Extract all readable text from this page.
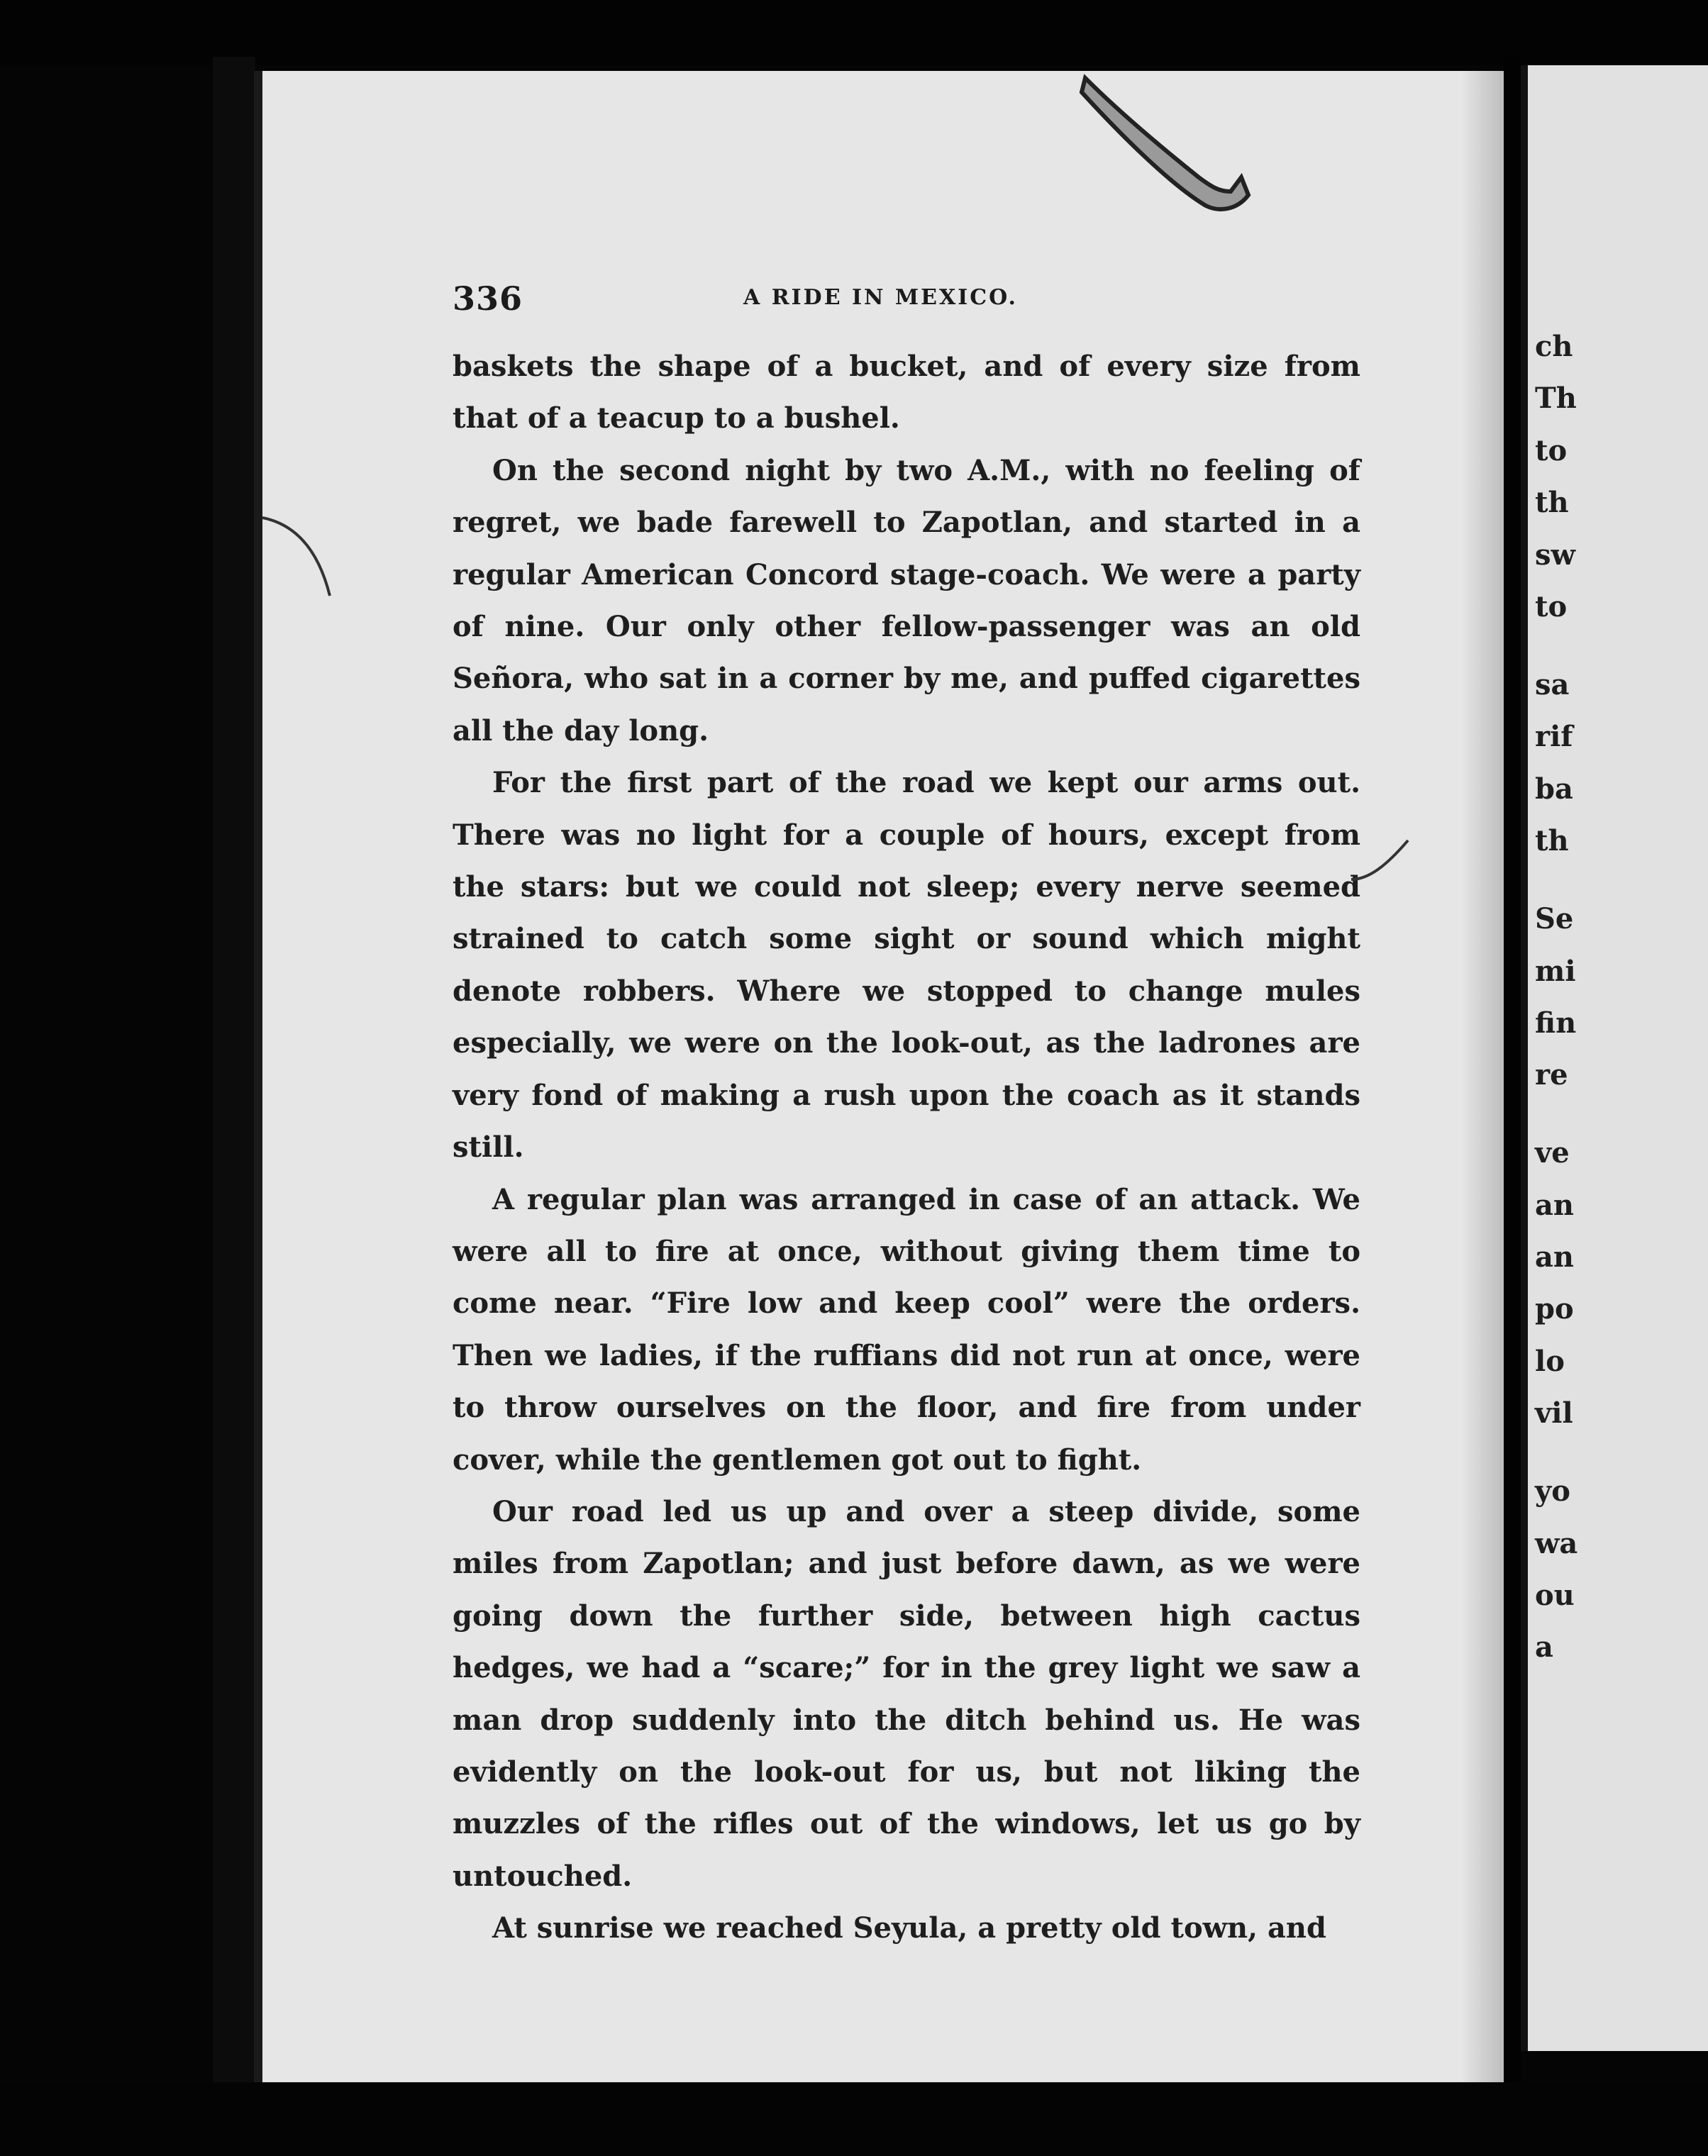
336	A RIDE IN MEXICO.

baskets the shape of a bucket, and of every size from that of a teacup to a bushel.

On the second night by two A.M., with no feeling of regret, we bade farewell to Zapotlan, and started in a regular American Concord stage-coach. We were a party of nine. Our only other fellow-passenger was an old Señora, who sat in a corner by me, and puffed cigarettes all the day long.

For the first part of the road we kept our arms out. There was no light for a couple of hours, except from the stars: but we could not sleep; every nerve seemed strained to catch some sight or sound which might denote robbers. Where we stopped to change mules especially, we were on the look-out, as the ladrones are very fond of making a rush upon the coach as it stands still.

A regular plan was arranged in case of an attack. We were all to fire at once, without giving them time to come near. “Fire low and keep cool” were the orders. Then we ladies, if the ruffians did not run at once, were to throw ourselves on the floor, and fire from under cover, while the gentlemen got out to fight.

Our road led us up and over a steep divide, some miles from Zapotlan; and just before dawn, as we were going down the further side, between high cactus hedges, we had a “scare;” for in the grey light we saw a man drop suddenly into the ditch behind us. He was evidently on the look-out for us, but not liking the muzzles of the rifles out of the windows, let us go by untouched.

At sunrise we reached Seyula, a pretty old town, and

ch
Th
to
th
sw
to
sa
rif
ba
th
Se
mi
fin
re
ve
an
an
po
lo
vil
yo
wa
ou
a
